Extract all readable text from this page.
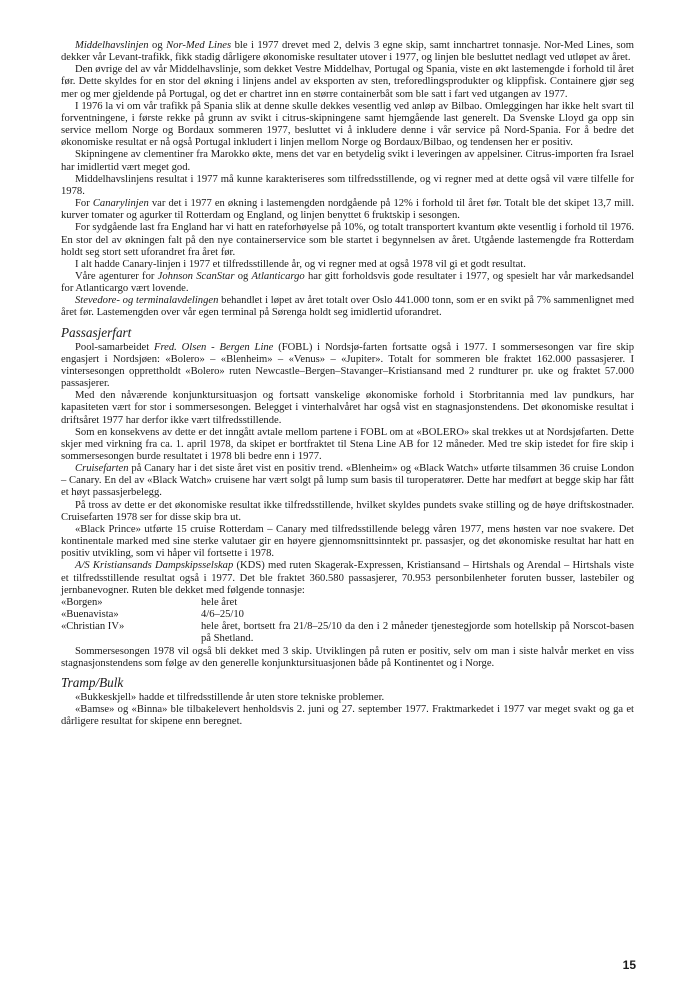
Middelhavslinjen og Nor-Med Lines ble i 1977 drevet med 2, delvis 3 egne skip, samt innchartret tonnasje. Nor-Med Lines, som dekker vår Levant-trafikk, fikk stadig dårligere økonomiske resultater utover i 1977, og linjen ble besluttet nedlagt ved utløpet av året.

Den øvrige del av vår Middelhavslinje, som dekket Vestre Middelhav, Portugal og Spania, viste en økt lastemengde i forhold til året før. Dette skyldes for en stor del økning i linjens andel av eksporten av sten, treforedlingsprodukter og klippfisk. Containere gjør seg mer og mer gjeldende på Portugal, og det er chartret inn en større containerbåt som ble satt i fart ved utgangen av 1977.

I 1976 la vi om vår trafikk på Spania slik at denne skulle dekkes vesentlig ved anløp av Bilbao. Omleggingen har ikke helt svart til forventningene, i første rekke på grunn av svikt i citrus-skipningene samt hjemgående last generelt. Da Svenske Lloyd ga opp sin service mellom Norge og Bordaux sommeren 1977, besluttet vi å inkludere denne i vår service på Nord-Spania. For å bedre det økonomiske resultat er nå også Portugal inkludert i linjen mellom Norge og Bordaux/Bilbao, og tendensen her er positiv.

Skipningene av clementiner fra Marokko økte, mens det var en betydelig svikt i leveringen av appelsiner. Citrus-importen fra Israel har imidlertid vært meget god.

Middelhavslinjens resultat i 1977 må kunne karakteriseres som tilfredsstillende, og vi regner med at dette også vil være tilfelle for 1978.

For Canarylinjen var det i 1977 en økning i lastemengden nordgående på 12% i forhold til året før. Totalt ble det skipet 13,7 mill. kurver tomater og agurker til Rotterdam og England, og linjen benyttet 6 fruktskip i sesongen.

For sydgående last fra England har vi hatt en rateforhøyelse på 10%, og totalt transportert kvantum økte vesentlig i forhold til 1976. En stor del av økningen falt på den nye containerservice som ble startet i begynnelsen av året. Utgående lastemengde fra Rotterdam holdt seg stort sett uforandret fra året før.

I alt hadde Canary-linjen i 1977 et tilfredsstillende år, og vi regner med at også 1978 vil gi et godt resultat.

Våre agenturer for Johnson ScanStar og Atlanticargo har gitt forholdsvis gode resultater i 1977, og spesielt har vår markedsandel for Atlanticargo vært lovende.

Stevedore- og terminalavdelingen behandlet i løpet av året totalt over Oslo 441.000 tonn, som er en svikt på 7% sammenlignet med året før. Lastemengden over vår egen terminal på Sørenga holdt seg imidlertid uforandret.

Passasjerfart

Pool-samarbeidet Fred. Olsen - Bergen Line (FOBL) i Nordsjø-farten fortsatte også i 1977. I sommersesongen var fire skip engasjert i Nordsjøen: «Bolero» – «Blenheim» – «Venus» – «Jupiter». Totalt for sommeren ble fraktet 162.000 passasjerer. I vintersesongen opprettholdt «Bolero» ruten Newcastle–Bergen–Stavanger–Kristiansand med 2 rundturer pr. uke og fraktet 57.000 passasjerer.

Med den nåværende konjunktursituasjon og fortsatt vanskelige økonomiske forhold i Storbritannia med lav pundkurs, har kapasiteten vært for stor i sommersesongen. Belegget i vinterhalvåret har også vist en stagnasjonstendens. Det økonomiske resultat i driftsåret 1977 har derfor ikke vært tilfredsstillende.

Som en konsekvens av dette er det inngått avtale mellom partene i FOBL om at «BOLERO» skal trekkes ut at Nordsjøfarten. Dette skjer med virkning fra ca. 1. april 1978, da skipet er bortfraktet til Stena Line AB for 12 måneder. Med tre skip istedet for fire skip i sommersesongen burde resultatet i 1978 bli bedre enn i 1977.

Cruisefarten på Canary har i det siste året vist en positiv trend. «Blenheim» og «Black Watch» utførte tilsammen 36 cruise London – Canary. En del av «Black Watch» cruisene har vært solgt på lump sum basis til turoperatører. Dette har medført at begge skip har fått et høyt passasjerbelegg.

På tross av dette er det økonomiske resultat ikke tilfredsstillende, hvilket skyldes pundets svake stilling og de høye driftskostnader. Cruisefarten 1978 ser for disse skip bra ut.

«Black Prince» utførte 15 cruise Rotterdam – Canary med tilfredsstillende belegg våren 1977, mens høsten var noe svakere. Det kontinentale marked med sine sterke valutaer gir en høyere gjennomsnittsinntekt pr. passasjer, og det økonomiske resultat har hatt en positiv utvikling, som vi håper vil fortsette i 1978.

A/S Kristiansands Dampskipsselskap (KDS) med ruten Skagerak-Expressen, Kristiansand – Hirtshals og Arendal – Hirtshals viste et tilfredsstillende resultat også i 1977. Det ble fraktet 360.580 passasjerer, 70.953 personbilenheter foruten busser, lastebiler og jernbanevogner. Ruten ble dekket med følgende tonnasje:

«Borgen»	hele året
«Buenavista»	4/6–25/10
«Christian IV»	hele året, bortsett fra 21/8–25/10 da den i 2 måneder tjenestegjorde som hotellskip på Norscot-basen på Shetland.

Sommersesongen 1978 vil også bli dekket med 3 skip. Utviklingen på ruten er positiv, selv om man i siste halvår merket en viss stagnasjonstendens som følge av den generelle konjunktursituasjonen både på Kontinentet og i Norge.

Tramp/Bulk

«Bukkeskjell» hadde et tilfredsstillende år uten store tekniske problemer.

«Bamse» og «Binna» ble tilbakelevert henholdsvis 2. juni og 27. september 1977. Fraktmarkedet i 1977 var meget svakt og ga et dårligere resultat for skipene enn beregnet.

15
